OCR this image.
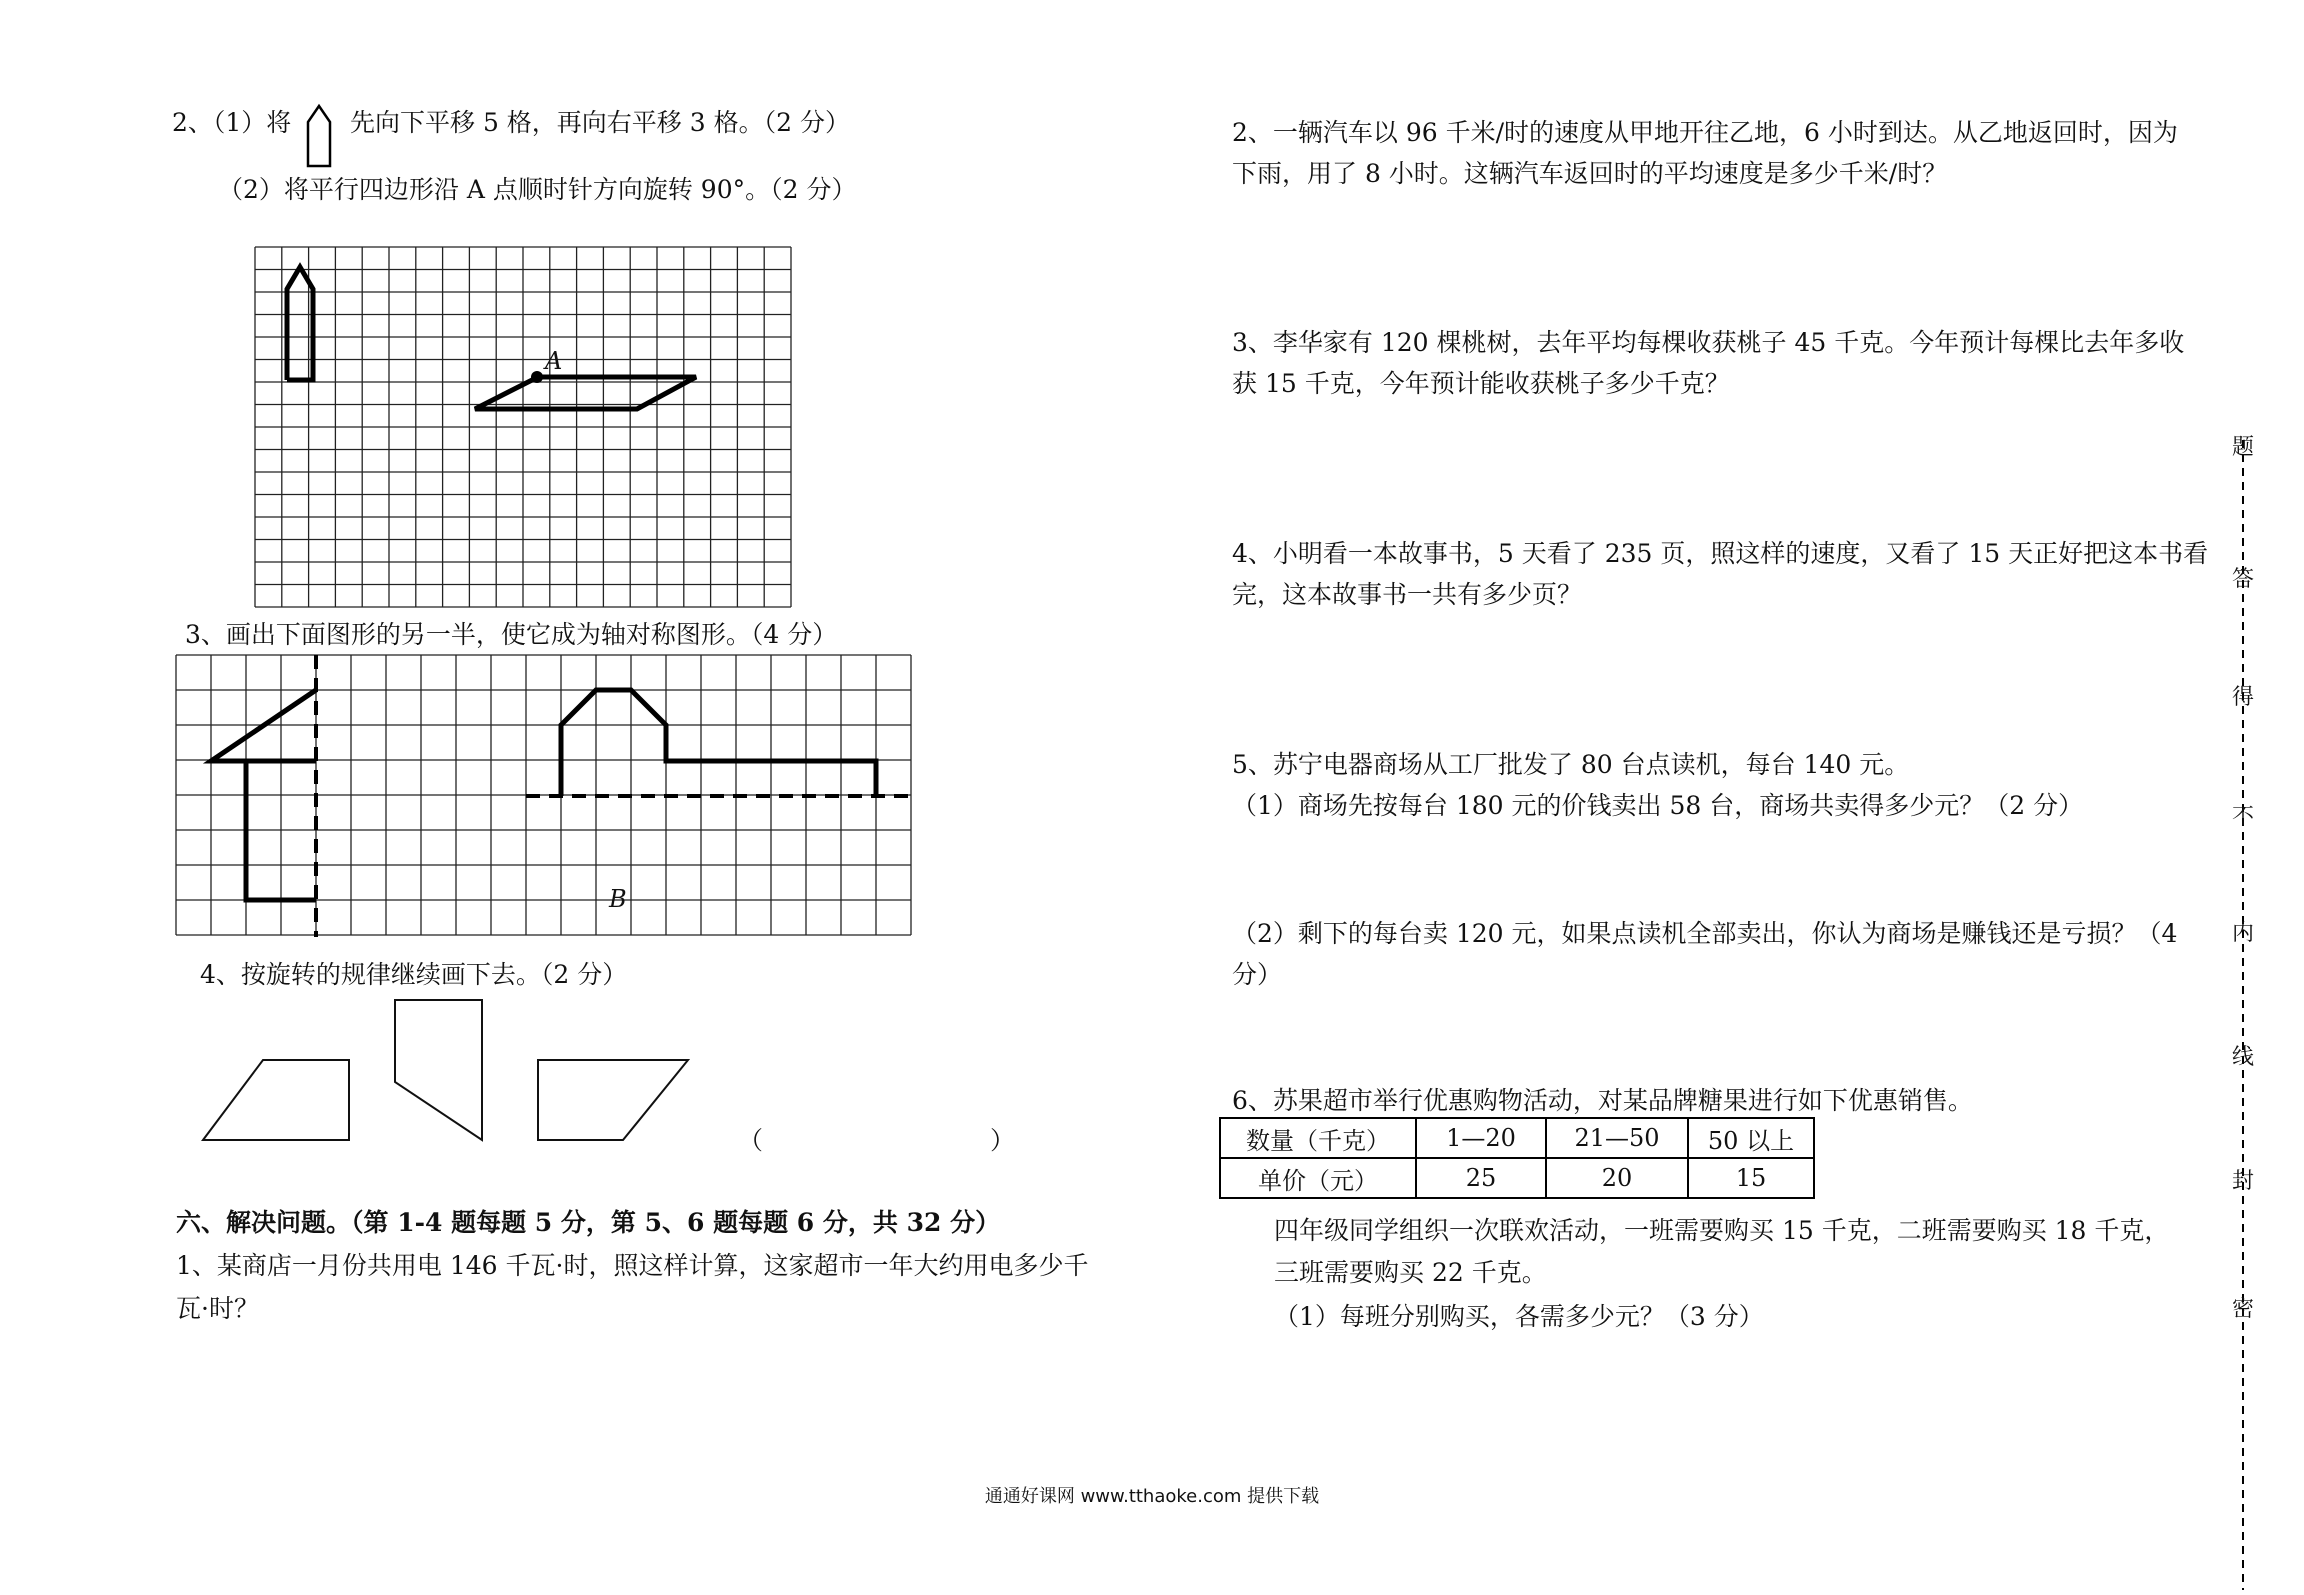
2、（1）将 先向下平移 5 格，再向右平移 3 格。（2 分）
（2）将平行四边形沿 A 点顺时针方向旋转 90°。（2 分）
A
3、画出下面图形的另一半，使它成为轴对称图形。（4 分）
B
4、按旋转的规律继续画下去。（2 分）
（	）
六、解决问题。（第 1-4 题每题 5 分，第 5、6 题每题 6 分，共 32 分）
1、某商店一月份共用电 146 千瓦·时，照这样计算，这家超市一年大约用电多少千
瓦·时？
2、一辆汽车以 96 千米/时的速度从甲地开往乙地，6 小时到达。从乙地返回时，因为
下雨，用了 8 小时。这辆汽车返回时的平均速度是多少千米/时？
3、李华家有 120 棵桃树，去年平均每棵收获桃子 45 千克。今年预计每棵比去年多收
获 15 千克，今年预计能收获桃子多少千克？
4、小明看一本故事书，5 天看了 235 页，照这样的速度，又看了 15 天正好把这本书看
完，这本故事书一共有多少页？
5、苏宁电器商场从工厂批发了 80 台点读机，每台 140 元。
（1）商场先按每台 180 元的价钱卖出 58 台，商场共卖得多少元？（2 分）
（2）剩下的每台卖 120 元，如果点读机全部卖出，你认为商场是赚钱还是亏损？（4
分）
6、苏果超市举行优惠购物活动，对某品牌糖果进行如下优惠销售。
数量（千克）	1—20	21—50	50 以上
单价（元）	25	20	15
四年级同学组织一次联欢活动，一班需要购买 15 千克，二班需要购买 18 千克，
三班需要购买 22 千克。
（1）每班分别购买，各需多少元？（3 分）
题
答
得
不
内
线
封
密
通通好课网 www.tthaoke.com 提供下载
